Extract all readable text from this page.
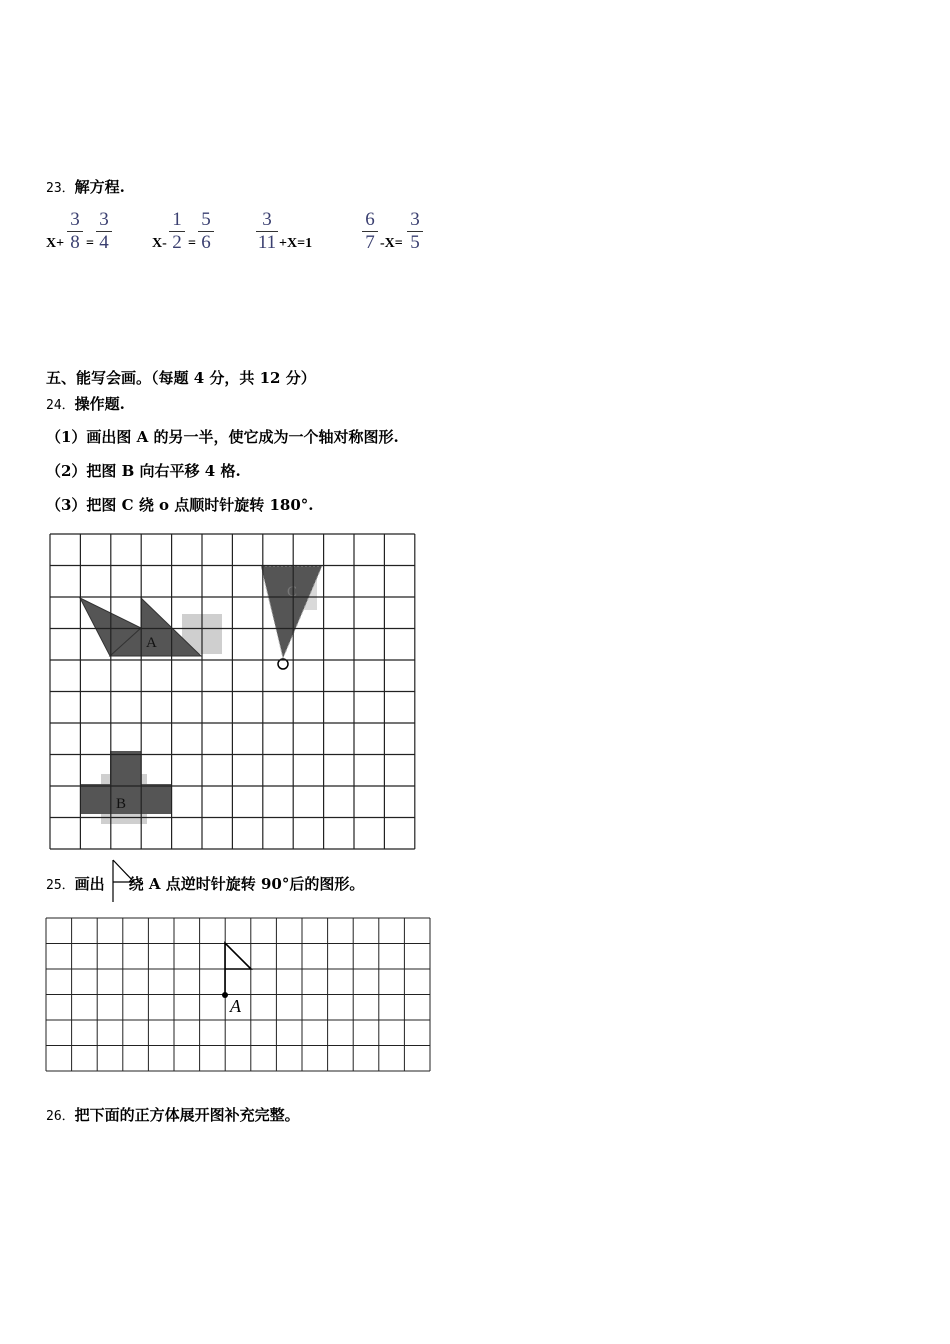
23．解方程.
X+
3
8 =
3
4	X-
1
2 =
5
6
3
11 +X=1
6
7 -X=
3
5
五、能写会画。（每题 4 分，共 12 分）
24．操作题.
（1）画出图 A 的另一半，使它成为一个轴对称图形.
（2）把图 B 向右平移 4 格.
（3）把图 C 绕 o 点顺时针旋转 180°.
A
B
C
25．画出 绕 A 点逆时针旋转 90°后的图形。
A
26．把下面的正方体展开图补充完整。
